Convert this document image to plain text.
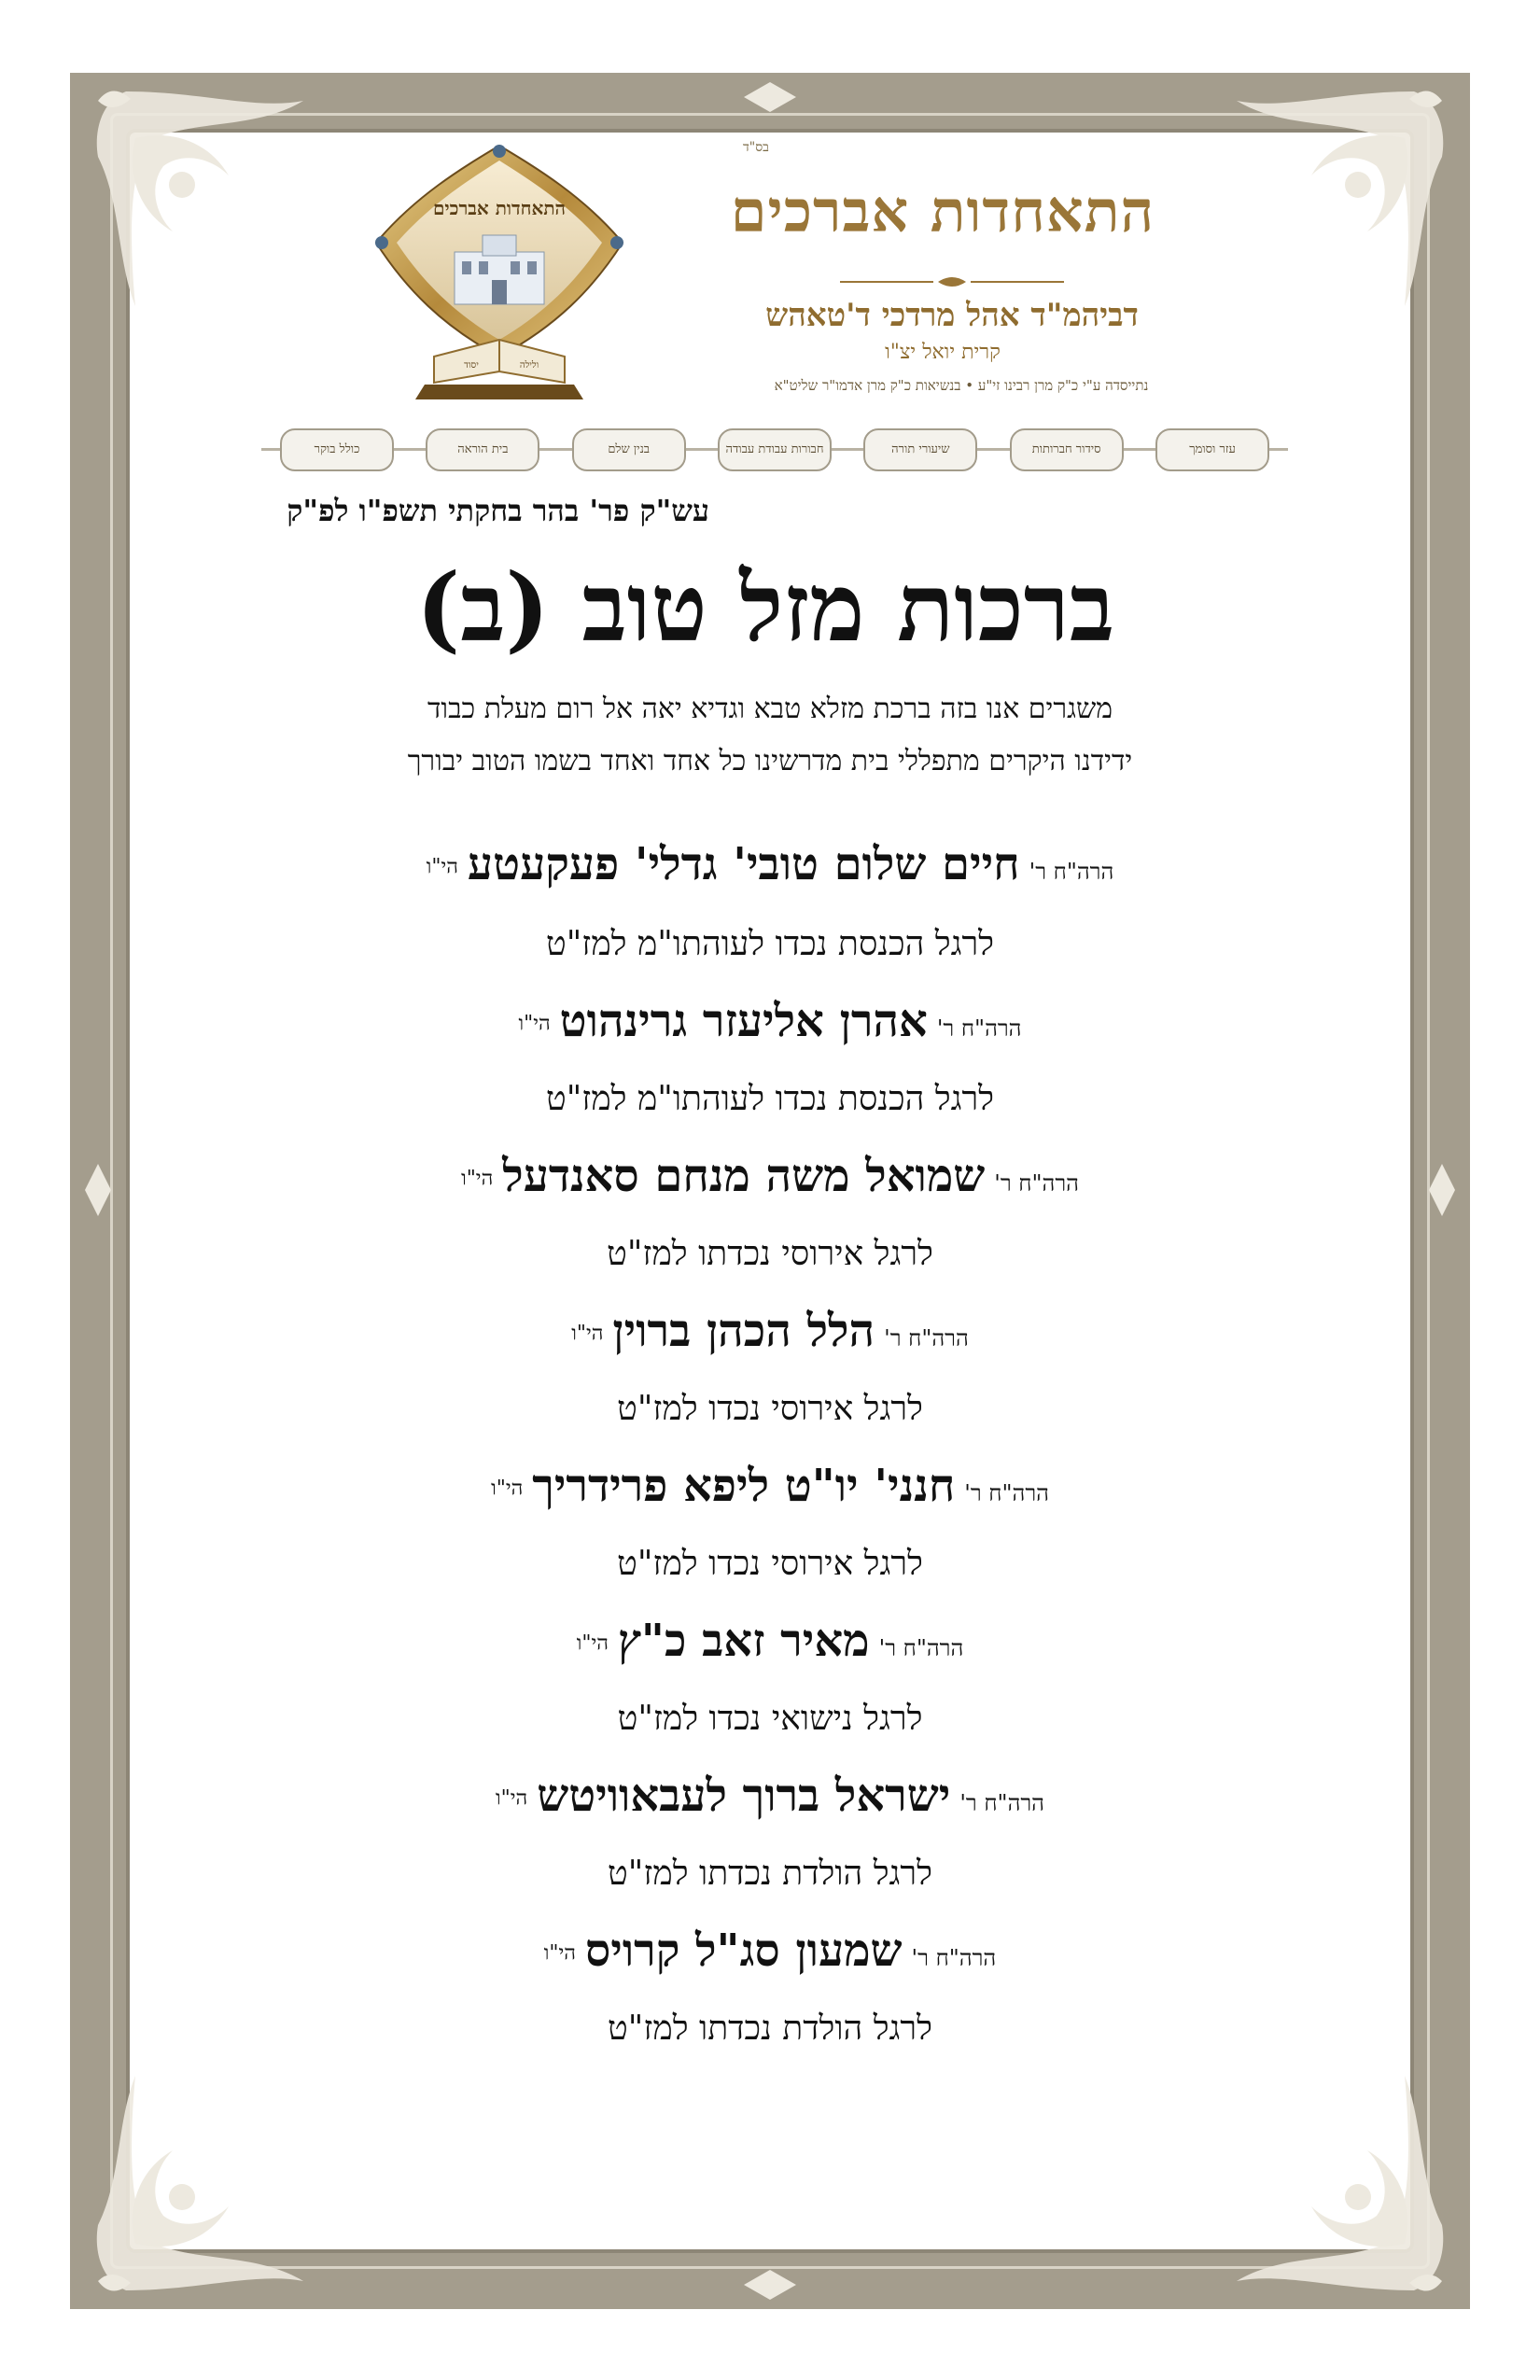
בס"ד
התאחדות אברכים
יסוד	ולילה
התאחדות אברכים
דביהמ"ד אהל מרדכי ד'טאהש
קרית יואל יצ"ו
נתייסדה ע"י כ"ק מרן רבינו זי"ע • בנשיאות כ"ק מרן אדמו"ר שליט"א
כולל בוקר	בית הוראה	בנין שלם	חבורות עבודת עבודה	שיעורי תורה	סידור חברותות	עזר וסומך
עש"ק פר' בהר בחקתי תשפ"ו לפ"ק
ברכות מזל טוב (ב)
משגרים אנו בזה ברכת מזלא טבא וגדיא יאה אל רום מעלת כבוד
ידידנו היקרים מתפללי בית מדרשינו כל אחד ואחד בשמו הטוב יבורך
הרה"ח ר'חיים שלום טובי' גדלי' פעקעטעהי"ו
לרגל הכנסת נכדו לעוהתו"מ למז"ט
הרה"ח ר'אהרן אליעזר גרינהוטהי"ו
לרגל הכנסת נכדו לעוהתו"מ למז"ט
הרה"ח ר'שמואל משה מנחם סאנדעלהי"ו
לרגל אירוסי נכדתו למז"ט
הרה"ח ר'הלל הכהן ברויןהי"ו
לרגל אירוסי נכדו למז"ט
הרה"ח ר'חנני' יו"ט ליפא פרידריךהי"ו
לרגל אירוסי נכדו למז"ט
הרה"ח ר'מאיר זאב כ"ץהי"ו
לרגל נישואי נכדו למז"ט
הרה"ח ר'ישראל ברוך לעבאוויטשהי"ו
לרגל הולדת נכדתו למז"ט
הרה"ח ר'שמעון סג"ל קרויסהי"ו
לרגל הולדת נכדתו למז"ט
